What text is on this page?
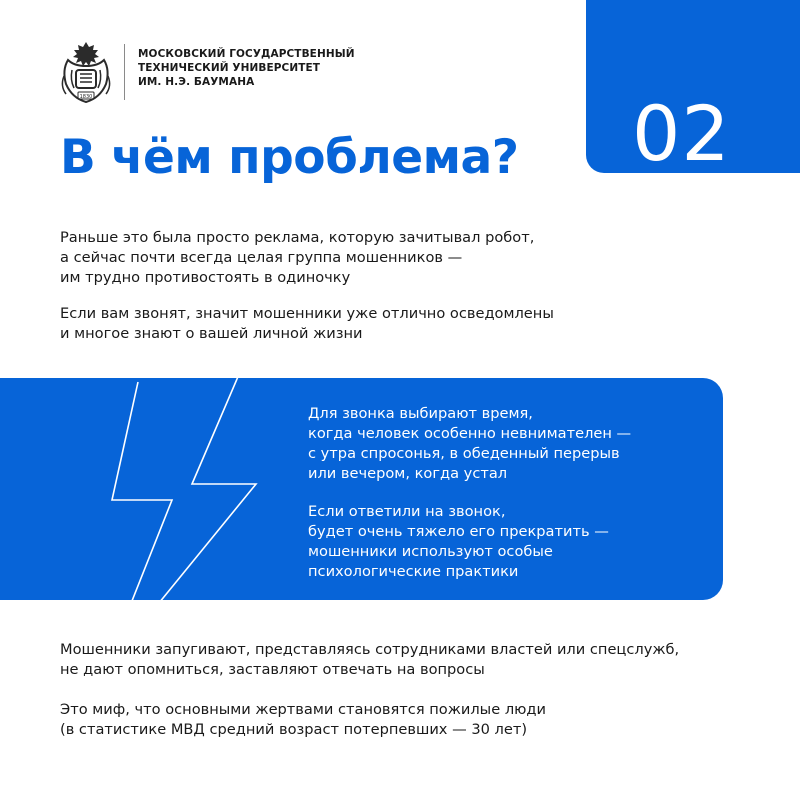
1830
МОСКОВСКИЙ ГОСУДАРСТВЕННЫЙ
ТЕХНИЧЕСКИЙ УНИВЕРСИТЕТ
ИМ. Н.Э. БАУМАНА
02
В чём проблема?
Раньше это была просто реклама, которую зачитывал робот,
а сейчас почти всегда целая группа мошенников —
им трудно противостоять в одиночку
Если вам звонят, значит мошенники уже отлично осведомлены
и многое знают о вашей личной жизни
Для звонка выбирают время,
когда человек особенно невнимателен —
с утра спросонья, в обеденный перерыв
или вечером, когда устал
Если ответили на звонок,
будет очень тяжело его прекратить —
мошенники используют особые
психологические практики
Мошенники запугивают, представляясь сотрудниками властей или спецслужб,
не дают опомниться, заставляют отвечать на вопросы
Это миф, что основными жертвами становятся пожилые люди
(в статистике МВД средний возраст потерпевших — 30 лет)
